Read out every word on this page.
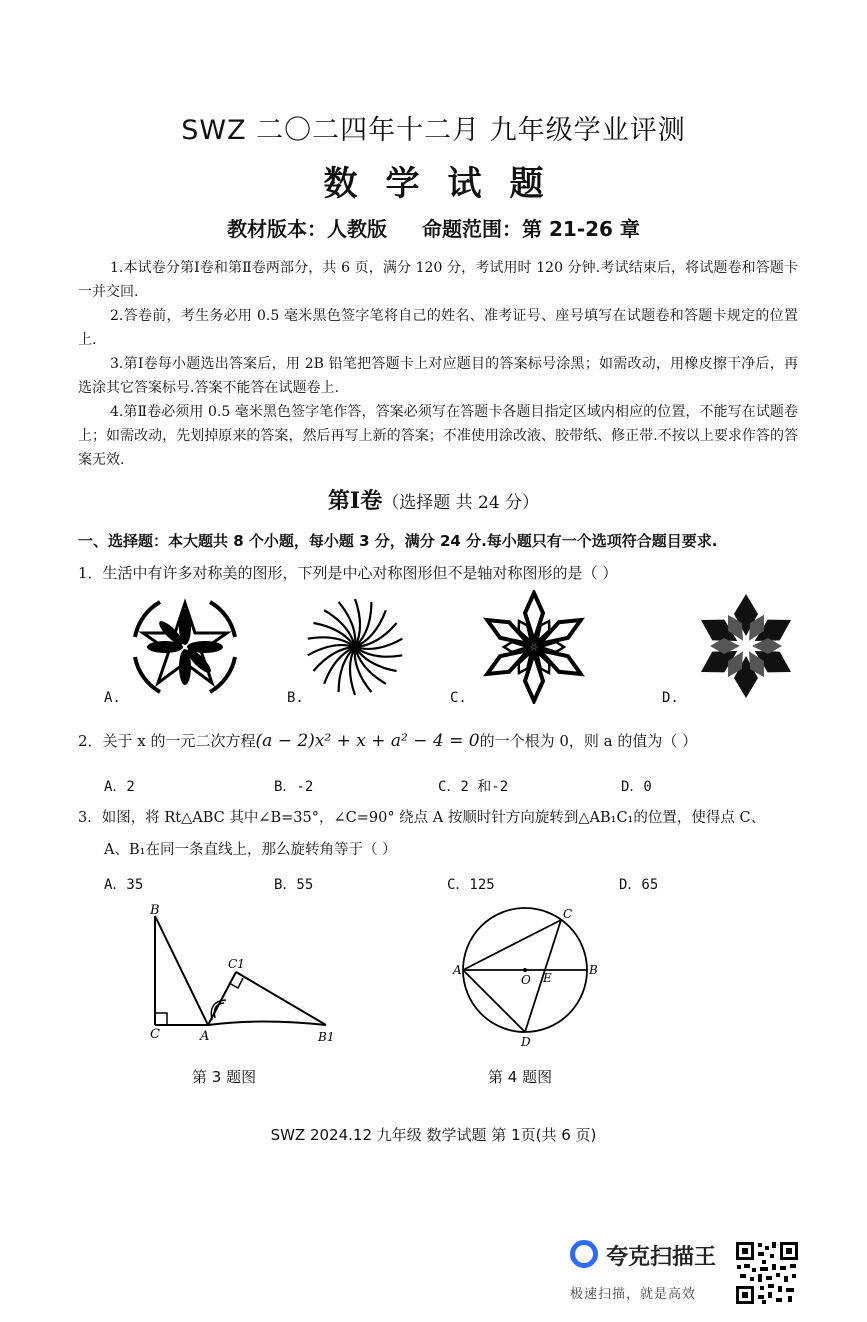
SWZ 二〇二四年十二月 九年级学业评测
数学试题
教材版本：人教版 命题范围：第 21-26 章
1.本试卷分第Ⅰ卷和第Ⅱ卷两部分，共 6 页，满分 120 分，考试用时 120 分钟.考试结束后，将试题卷和答题卡一并交回.
2.答卷前，考生务必用 0.5 毫米黑色签字笔将自己的姓名、准考证号、座号填写在试题卷和答题卡规定的位置上.
3.第Ⅰ卷每小题选出答案后，用 2B 铅笔把答题卡上对应题目的答案标号涂黑；如需改动，用橡皮擦干净后，再选涂其它答案标号.答案不能答在试题卷上.
4.第Ⅱ卷必须用 0.5 毫米黑色签字笔作答，答案必须写在答题卡各题目指定区域内相应的位置，不能写在试题卷上；如需改动，先划掉原来的答案，然后再写上新的答案；不准使用涂改液、胶带纸、修正带.不按以上要求作答的答案无效.
第Ⅰ卷（选择题 共 24 分）
一、选择题：本大题共 8 个小题，每小题 3 分，满分 24 分.每小题只有一个选项符合题目要求.
1．生活中有许多对称美的图形，下列是中心对称图形但不是轴对称图形的是（ ）
A.	B.	C.	D.
2．关于 x 的一元二次方程(a − 2)x² + x + a² − 4 = 0的一个根为 0，则 a 的值为（ ）
A．2	B．-2	C．2 和-2	D．0
3．如图，将 Rt△ABC 其中∠B=35°，∠C=90° 绕点 A 按顺时针方向旋转到△AB₁C₁的位置，使得点 C、
A、B₁在同一条直线上，那么旋转角等于（ ）
A．35	B．55	C．125	D．65
B
C	A
C1
B1
第 3 题图
C
A
O E
B
D
第 4 题图
SWZ 2024.12 九年级 数学试题 第 1页(共 6 页)
夸克扫描王
极速扫描，就是高效
